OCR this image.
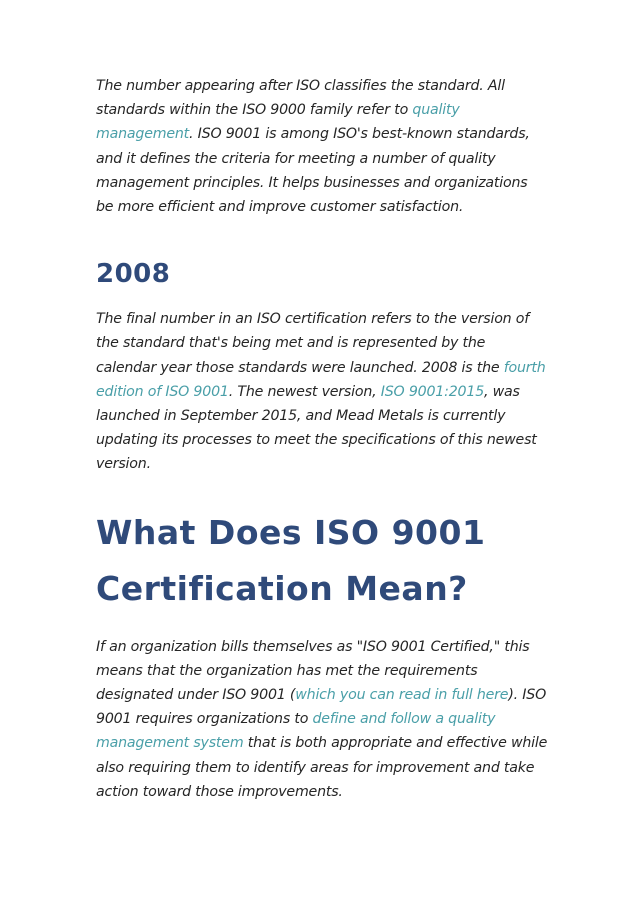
The number appearing after ISO classifies the standard. All standards within the ISO 9000 family refer to quality management. ISO 9001 is among ISO's best-known standards, and it defines the criteria for meeting a number of quality management principles. It helps businesses and organizations be more efficient and improve customer satisfaction.

2008

The final number in an ISO certification refers to the version of the standard that's being met and is represented by the calendar year those standards were launched. 2008 is the fourth edition of ISO 9001. The newest version, ISO 9001:2015, was launched in September 2015, and Mead Metals is currently updating its processes to meet the specifications of this newest version.

What Does ISO 9001 Certification Mean?

If an organization bills themselves as "ISO 9001 Certified," this means that the organization has met the requirements designated under ISO 9001 (which you can read in full here). ISO 9001 requires organizations to define and follow a quality management system that is both appropriate and effective while also requiring them to identify areas for improvement and take action toward those improvements.
